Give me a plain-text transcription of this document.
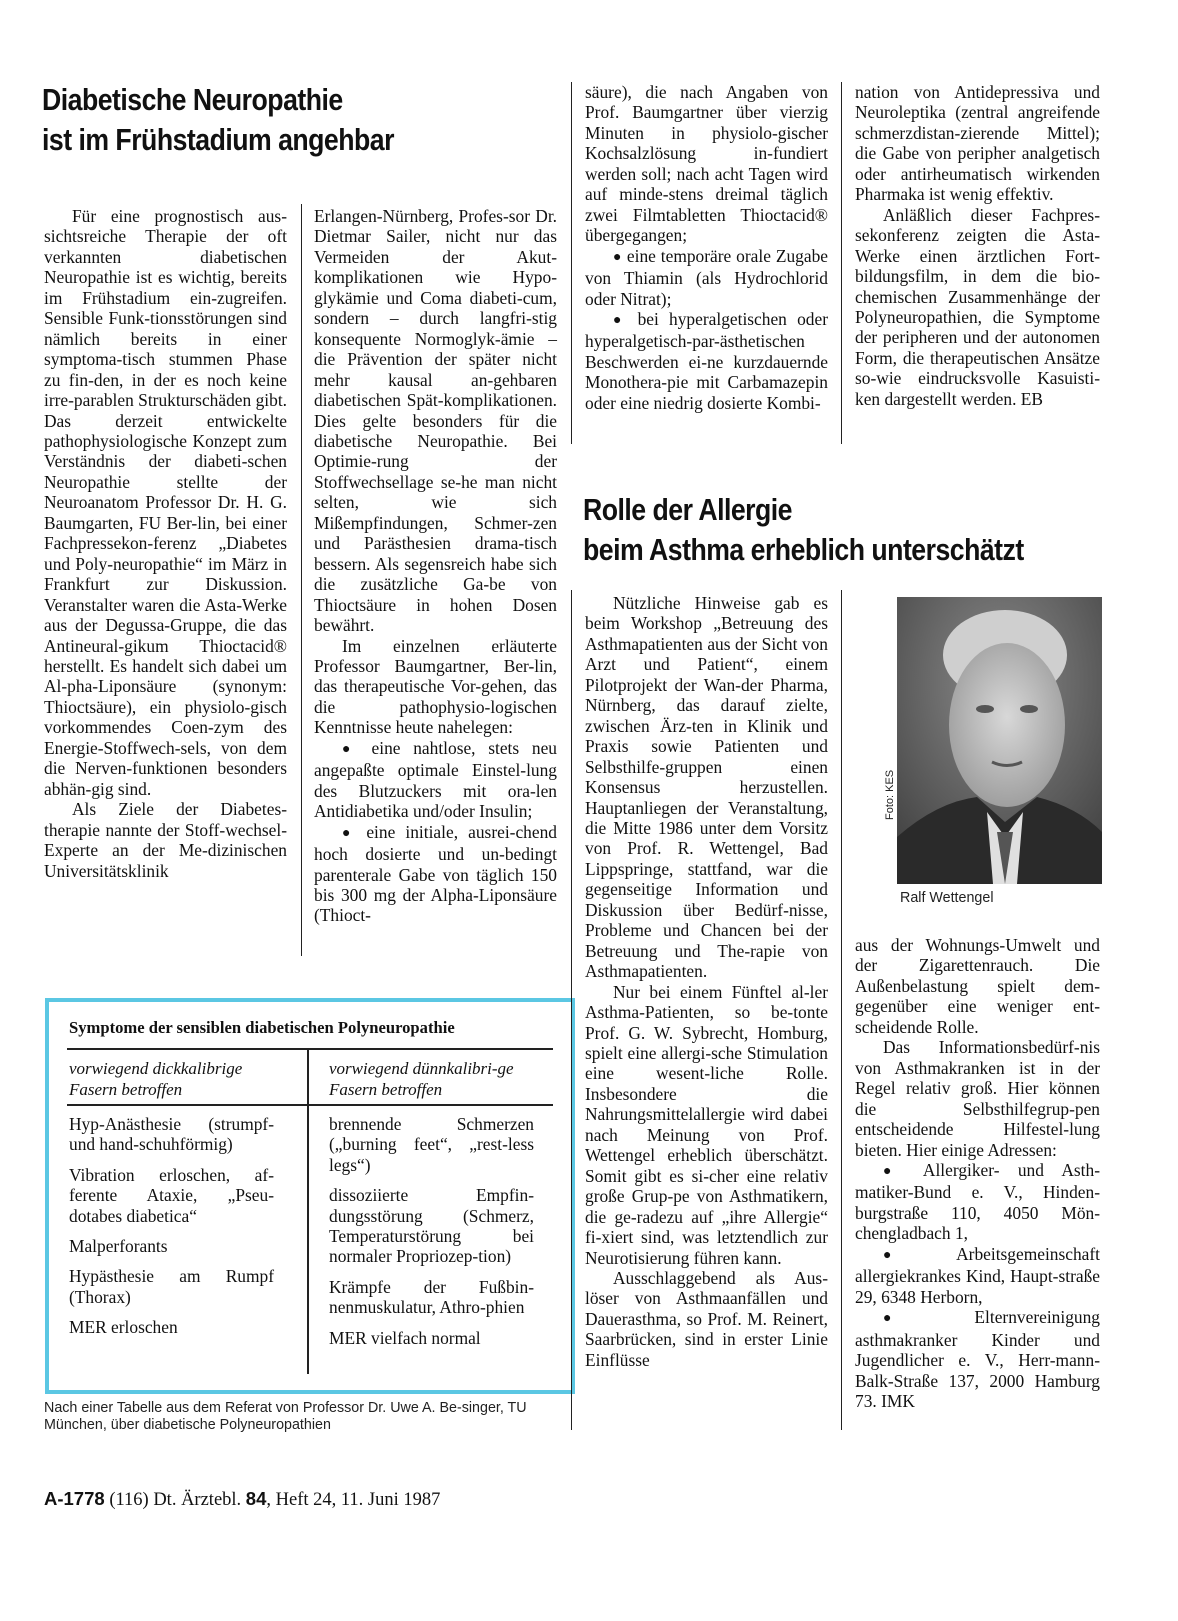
Diabetische Neuropathie
ist im Frühstadium angehbar

Für eine prognostisch aus-sichtsreiche Therapie der oft verkannten diabetischen Neuropathie ist es wichtig, bereits im Frühstadium ein-zugreifen. Sensible Funk-tionsstörungen sind nämlich bereits in einer symptoma-tisch stummen Phase zu fin-den, in der es noch keine irre-parablen Strukturschäden gibt. Das derzeit entwickelte pathophysiologische Konzept zum Verständnis der diabeti-schen Neuropathie stellte der Neuroanatom Professor Dr. H. G. Baumgarten, FU Ber-lin, bei einer Fachpressekon-ferenz „Diabetes und Poly-neuropathie“ im März in Frankfurt zur Diskussion. Veranstalter waren die Asta-Werke aus der Degussa-Gruppe, die das Antineural-gikum Thioctacid® herstellt. Es handelt sich dabei um Al-pha-Liponsäure (synonym: Thioctsäure), ein physiolo-gisch vorkommendes Coen-zym des Energie-Stoffwech-sels, von dem die Nerven-funktionen besonders abhän-gig sind.

Als Ziele der Diabetes-therapie nannte der Stoff-wechsel-Experte an der Me-dizinischen Universitätsklinik

Erlangen-Nürnberg, Profes-sor Dr. Dietmar Sailer, nicht nur das Vermeiden der Akut-komplikationen wie Hypo-glykämie und Coma diabeti-cum, sondern – durch langfri-stig konsequente Normoglyk-ämie – die Prävention der später nicht mehr kausal an-gehbaren diabetischen Spät-komplikationen. Dies gelte besonders für die diabetische Neuropathie. Bei Optimie-rung der Stoffwechsellage se-he man nicht selten, wie sich Mißempfindungen, Schmer-zen und Parästhesien drama-tisch bessern. Als segensreich habe sich die zusätzliche Ga-be von Thioctsäure in hohen Dosen bewährt.

Im einzelnen erläuterte Professor Baumgartner, Ber-lin, das therapeutische Vor-gehen, das die pathophysio-logischen Kenntnisse heute nahelegen:

● eine nahtlose, stets neu angepaßte optimale Einstel-lung des Blutzuckers mit ora-len Antidiabetika und/oder Insulin;

● eine initiale, ausrei-chend hoch dosierte und un-bedingt parenterale Gabe von täglich 150 bis 300 mg der Alpha-Liponsäure (Thioct-

säure), die nach Angaben von Prof. Baumgartner über vierzig Minuten in physiolo-gischer Kochsalzlösung in-fundiert werden soll; nach acht Tagen wird auf minde-stens dreimal täglich zwei Filmtabletten Thioctacid® übergegangen;

● eine temporäre orale Zugabe von Thiamin (als Hydrochlorid oder Nitrat);

● bei hyperalgetischen oder hyperalgetisch-par-ästhetischen Beschwerden ei-ne kurzdauernde Monothera-pie mit Carbamazepin oder eine niedrig dosierte Kombi-

nation von Antidepressiva und Neuroleptika (zentral angreifende schmerzdistan-zierende Mittel); die Gabe von peripher analgetisch oder antirheumatisch wirkenden Pharmaka ist wenig effektiv.

Anläßlich dieser Fachpres-sekonferenz zeigten die Asta-Werke einen ärztlichen Fort-bildungsfilm, in dem die bio-chemischen Zusammenhänge der Polyneuropathien, die Symptome der peripheren und der autonomen Form, die therapeutischen Ansätze so-wie eindrucksvolle Kasuisti-ken dargestellt werden. EB

Symptome der sensiblen diabetischen Polyneuropathie
vorwiegend dickkalibrige Fasern betroffen
vorwiegend dünnkalibri-ge Fasern betroffen
Hyp-Anästhesie (strumpf- und hand-schuhförmig)
Vibration erloschen, af-ferente Ataxie, „Pseu-dotabes diabetica“
Malperforants
Hypästhesie am Rumpf (Thorax)
MER erloschen
brennende Schmerzen („burning feet“, „rest-less legs“)
dissoziierte Empfin-dungsstörung (Schmerz, Temperaturstörung bei normaler Propriozep-tion)
Krämpfe der Fußbin-nenmuskulatur, Athro-phien
MER vielfach normal
Nach einer Tabelle aus dem Referat von Professor Dr. Uwe A. Be-singer, TU München, über diabetische Polyneuropathien
Rolle der Allergie
beim Asthma erheblich unterschätzt

Nützliche Hinweise gab es beim Workshop „Betreuung des Asthmapatienten aus der Sicht von Arzt und Patient“, einem Pilotprojekt der Wan-der Pharma, Nürnberg, das darauf zielte, zwischen Ärz-ten in Klinik und Praxis sowie Patienten und Selbsthilfe-gruppen einen Konsensus herzustellen. Hauptanliegen der Veranstaltung, die Mitte 1986 unter dem Vorsitz von Prof. R. Wettengel, Bad Lippspringe, stattfand, war die gegenseitige Information und Diskussion über Bedürf-nisse, Probleme und Chancen bei der Betreuung und The-rapie von Asthmapatienten.

Nur bei einem Fünftel al-ler Asthma-Patienten, so be-tonte Prof. G. W. Sybrecht, Homburg, spielt eine allergi-sche Stimulation eine wesent-liche Rolle. Insbesondere die Nahrungsmittelallergie wird dabei nach Meinung von Prof. Wettengel erheblich überschätzt. Somit gibt es si-cher eine relativ große Grup-pe von Asthmatikern, die ge-radezu auf „ihre Allergie“ fi-xiert sind, was letztendlich zur Neurotisierung führen kann.

Ausschlaggebend als Aus-löser von Asthmaanfällen und Dauerasthma, so Prof. M. Reinert, Saarbrücken, sind in erster Linie Einflüsse

Foto: KES
Ralf Wettengel

aus der Wohnungs-Umwelt und der Zigarettenrauch. Die Außenbelastung spielt dem-gegenüber eine weniger ent-scheidende Rolle.

Das Informationsbedürf-nis von Asthmakranken ist in der Regel relativ groß. Hier können die Selbsthilfegrup-pen entscheidende Hilfestel-lung bieten. Hier einige Adressen:

● Allergiker- und Asth-matiker-Bund e. V., Hinden-burgstraße 110, 4050 Mön-chengladbach 1,

● Arbeitsgemeinschaft allergiekrankes Kind, Haupt-straße 29, 6348 Herborn,

●	Elternvereinigung asthmakranker Kinder und Jugendlicher e. V., Herr-mann-Balk-Straße 137, 2000 Hamburg 73. IMK

A-1778 (116) Dt. Ärztebl. 84, Heft 24, 11. Juni 1987
